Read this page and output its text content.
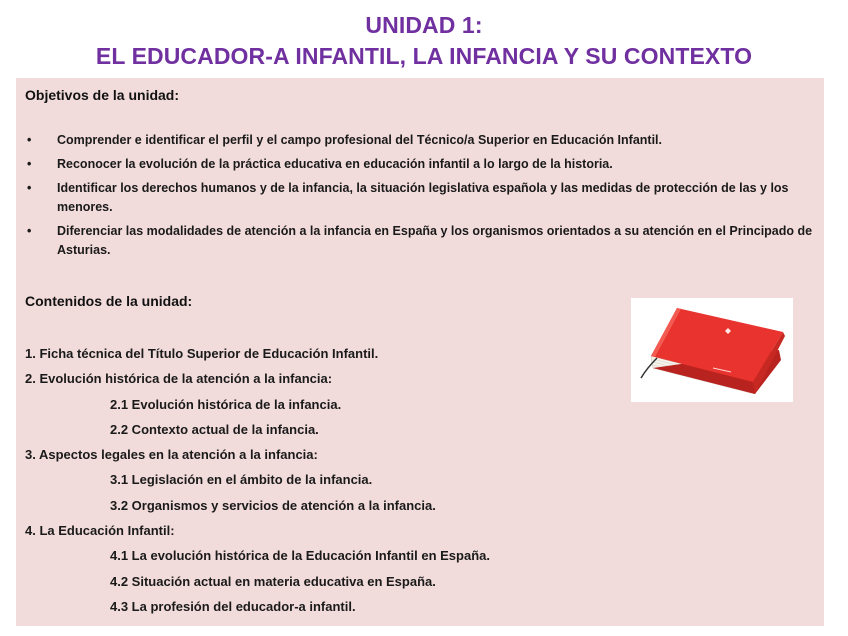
UNIDAD 1:
EL EDUCADOR-A INFANTIL, LA INFANCIA Y SU CONTEXTO
Objetivos de la unidad:
• Comprender e identificar el perfil y el campo profesional del Técnico/a Superior en Educación Infantil.
• Reconocer la evolución de la práctica educativa en educación infantil a lo largo de la historia.
• Identificar los derechos humanos y de la infancia, la situación legislativa española y las medidas de protección de las y los menores.
• Diferenciar las modalidades de atención a la infancia en España y los organismos orientados a su atención en el Principado de Asturias.
Contenidos de la unidad:
1. Ficha técnica del Título Superior de Educación Infantil.
2. Evolución histórica de la atención a la infancia:
2.1 Evolución histórica de la infancia.
2.2 Contexto actual de la infancia.
3. Aspectos legales en la atención a la infancia:
3.1 Legislación en el ámbito de la infancia.
3.2 Organismos y servicios de atención a la infancia.
4. La Educación Infantil:
4.1 La evolución histórica de la Educación Infantil en España.
4.2 Situación actual en materia educativa en España.
4.3 La profesión del educador-a infantil.
